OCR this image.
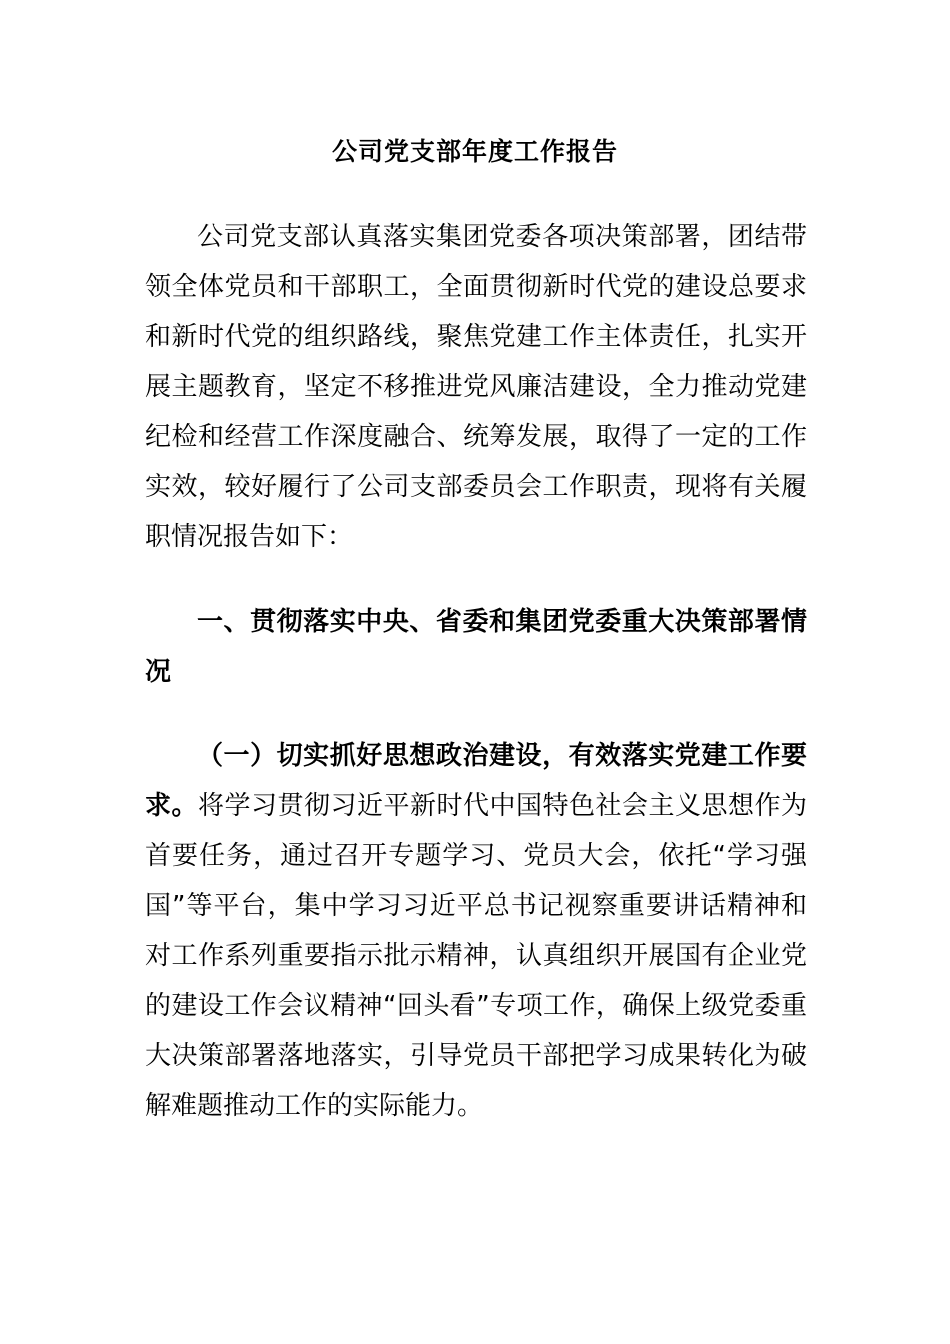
公司党支部年度工作报告

公司党支部认真落实集团党委各项决策部署，团结带领全体党员和干部职工，全面贯彻新时代党的建设总要求和新时代党的组织路线，聚焦党建工作主体责任，扎实开展主题教育，坚定不移推进党风廉洁建设，全力推动党建纪检和经营工作深度融合、统筹发展，取得了一定的工作实效，较好履行了公司支部委员会工作职责，现将有关履职情况报告如下：

一、贯彻落实中央、省委和集团党委重大决策部署情况

（一）切实抓好思想政治建设，有效落实党建工作要求。将学习贯彻习近平新时代中国特色社会主义思想作为首要任务，通过召开专题学习、党员大会，依托“学习强国”等平台，集中学习习近平总书记视察重要讲话精神和对工作系列重要指示批示精神，认真组织开展国有企业党的建设工作会议精神“回头看”专项工作，确保上级党委重大决策部署落地落实，引导党员干部把学习成果转化为破解难题推动工作的实际能力。
